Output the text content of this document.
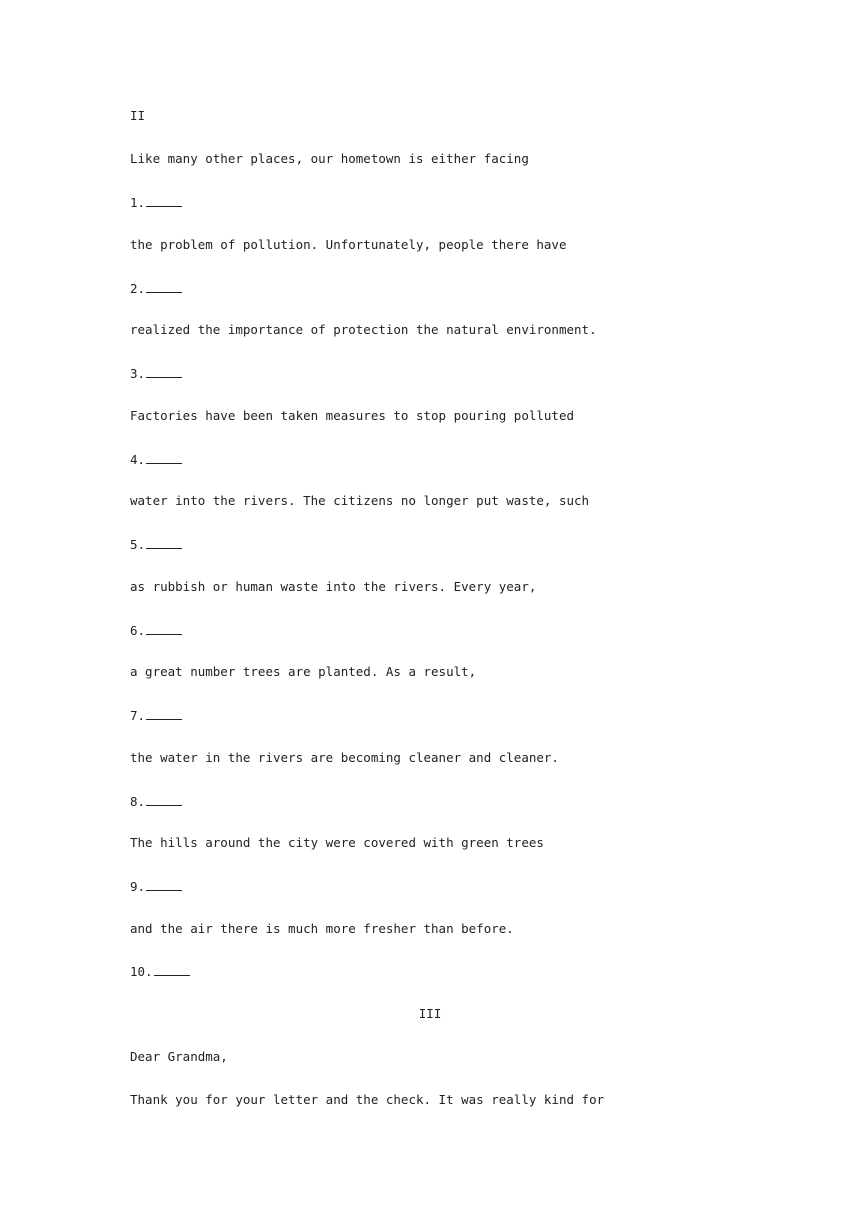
II
Like many other places, our hometown is either facing
1.
the problem of pollution. Unfortunately, people there have
2.
realized the importance of protection the natural environment.
3.
Factories have been taken measures to stop pouring polluted
4.
water into the rivers. The citizens no longer put waste, such
5.
as rubbish or human waste into the rivers. Every year,
6.
a great number trees are planted. As a result,
7.
the water in the rivers are becoming cleaner and cleaner.
8.
The hills around the city were covered with green trees
9.
and the air there is much more fresher than before.
10.
III
Dear Grandma,
Thank you for your letter and the check. It was really kind for
